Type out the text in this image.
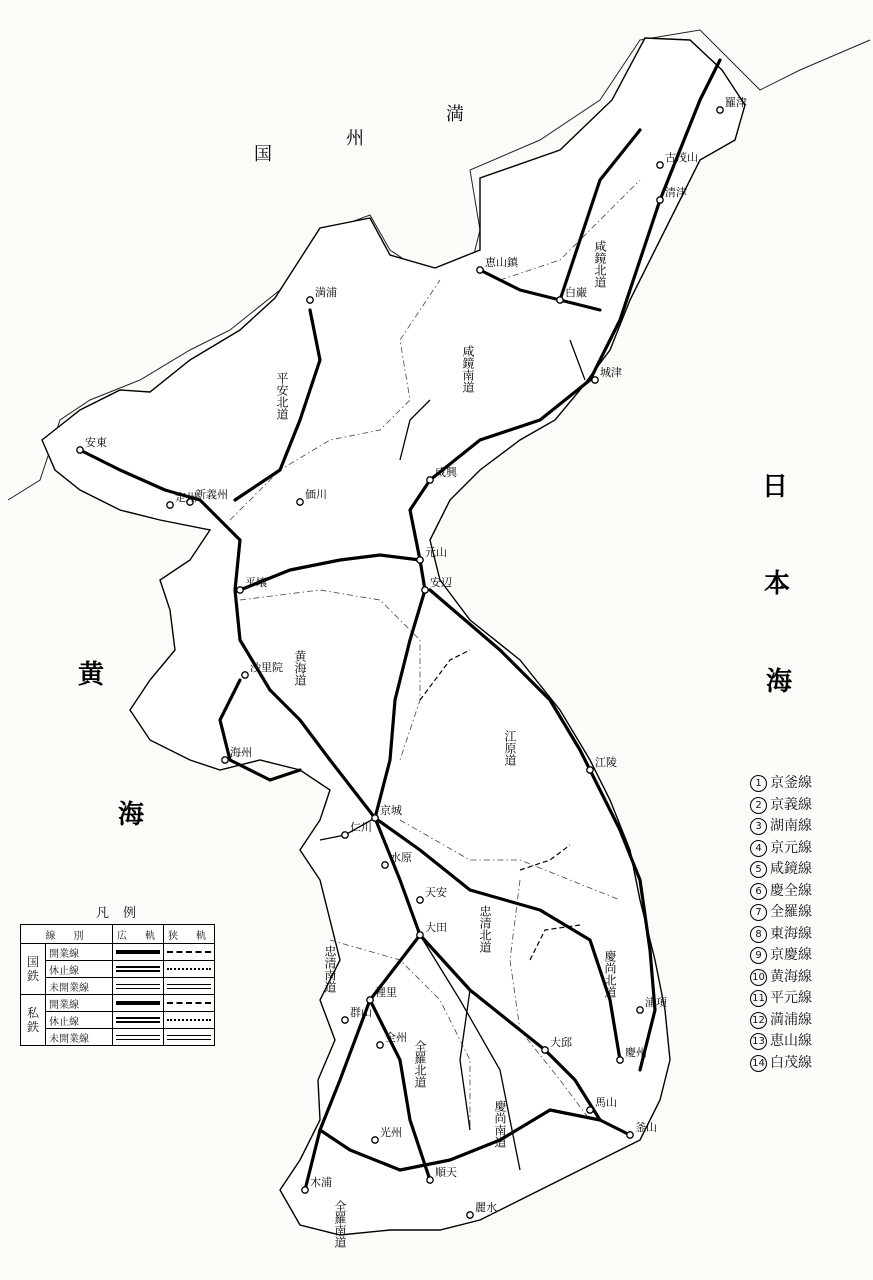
黄
海
日
本
海
満
州
国
京城
平壌
大田
大邱
釜山
新義州
安東
元山
咸興
清津
羅津
城津
白巌
恵山鎮
満浦
順天
光州
木浦
裡里
全州
麗水
仁川
水原
天安
海州
沙里院
江陵
慶州
浦項
馬山
群山
安辺
価川
定州
古茂山
平安北道
咸鏡南道
咸鏡北道
黄海道
江原道
忠清北道
忠清南道
全羅北道
全羅南道
慶尚北道
慶尚南道
1 京釜線
2 京義線
3 湖南線
4 京元線
5 咸鏡線
6 慶全線
7 全羅線
8 東海線
9 京慶線
10 黄海線
11 平元線
12 満浦線
13 恵山線
14 白茂線
凡例
線　別		広　軌	狭　軌
国鉄	開業線	

	休止線	

	未開業線	

私鉄	開業線	

	休止線	

	未開業線	
